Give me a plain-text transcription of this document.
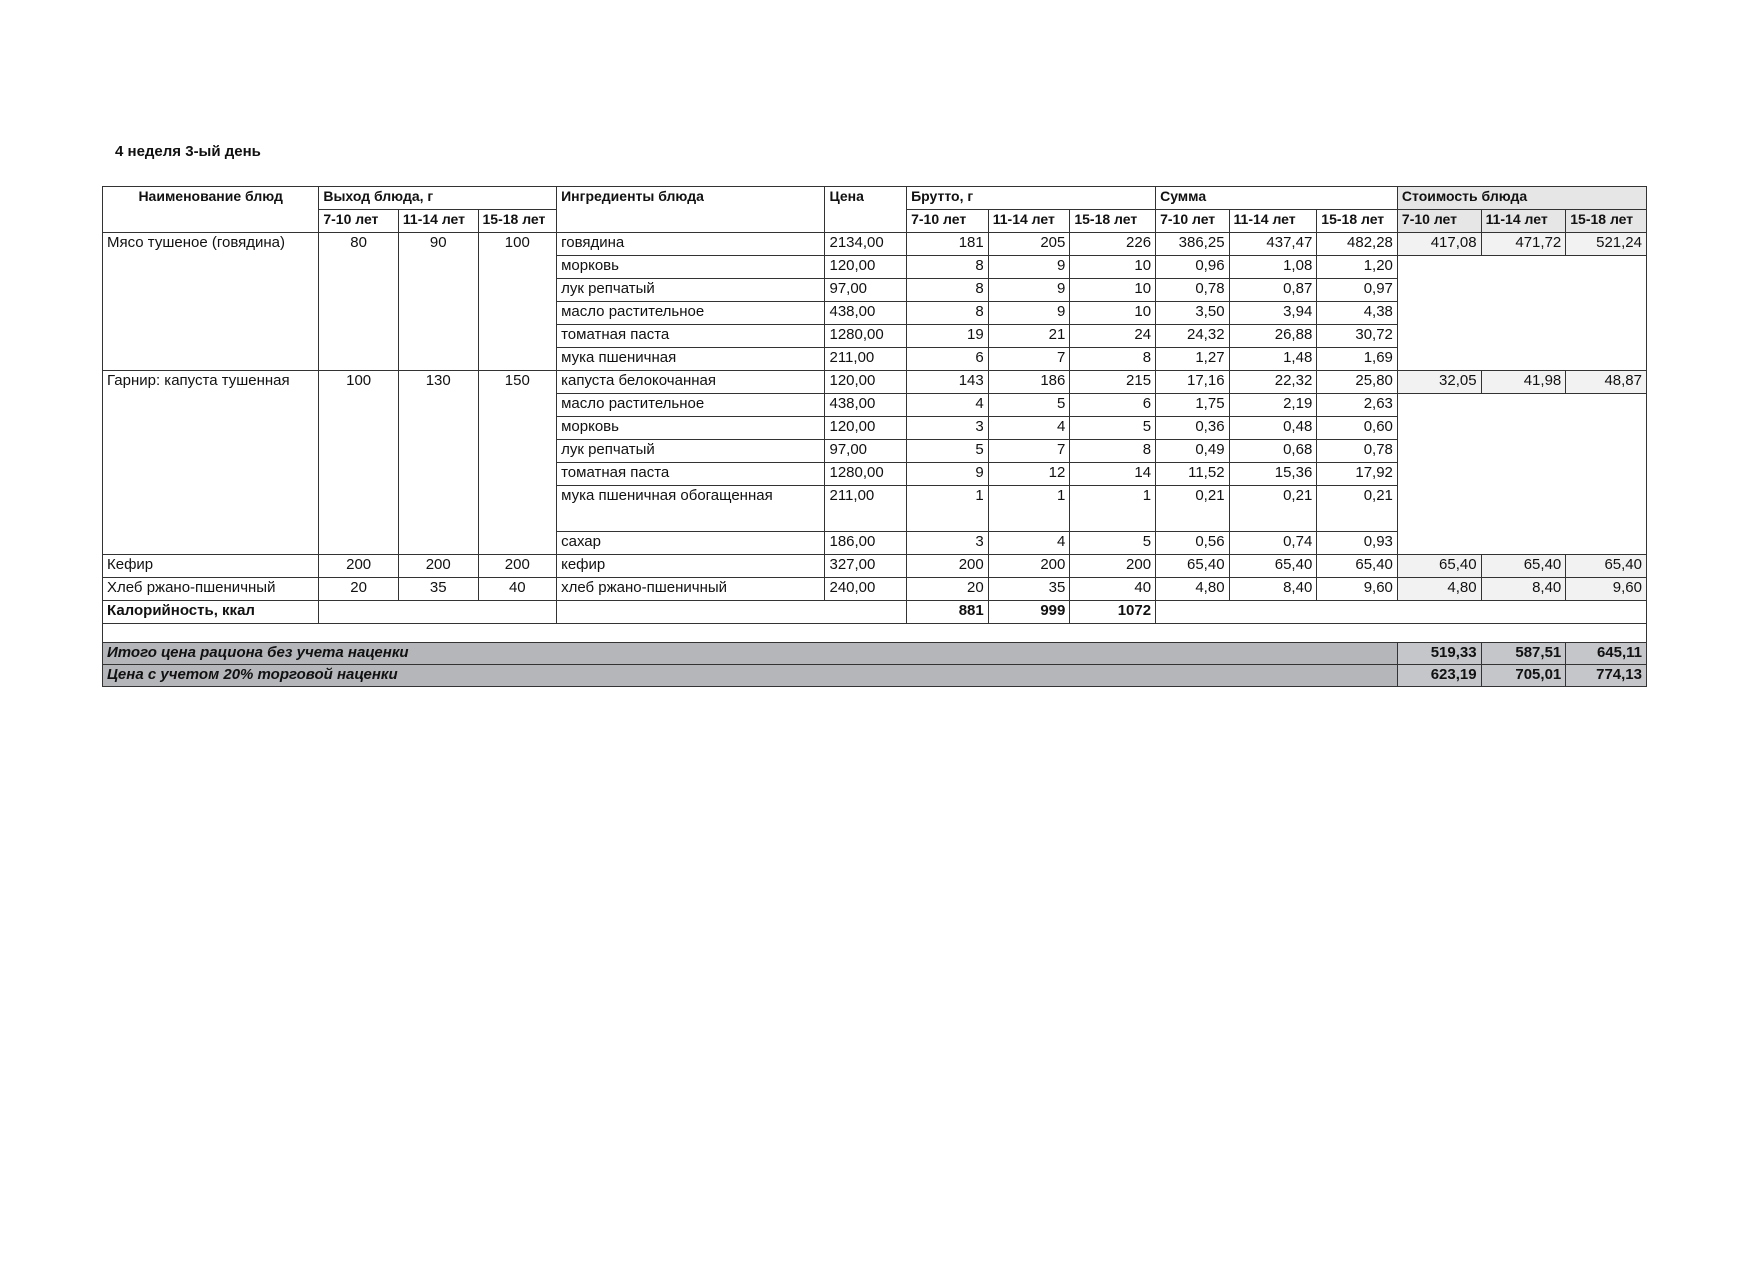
4 неделя 3-ый день
Наименование блюд	Выход блюда, г			Ингредиенты блюда	Цена	Брутто, г			Сумма			Стоимость блюда		
	7-10 лет	11-14 лет	15-18 лет			7-10 лет	11-14 лет	15-18 лет	7-10 лет	11-14 лет	15-18 лет	7-10 лет	11-14 лет	15-18 лет
Мясо тушеное (говядина)	80	90	100	говядина	2134,00	181	205	226	386,25	437,47	482,28	417,08	471,72	521,24
				морковь	120,00	8	9	10	0,96	1,08	1,20			
				лук репчатый	97,00	8	9	10	0,78	0,87	0,97			
				масло растительное	438,00	8	9	10	3,50	3,94	4,38			
				томатная паста	1280,00	19	21	24	24,32	26,88	30,72			
				мука пшеничная	211,00	6	7	8	1,27	1,48	1,69			
Гарнир: капуста тушенная	100	130	150	капуста белокочанная	120,00	143	186	215	17,16	22,32	25,80	32,05	41,98	48,87
				масло растительное	438,00	4	5	6	1,75	2,19	2,63			
				морковь	120,00	3	4	5	0,36	0,48	0,60			
				лук репчатый	97,00	5	7	8	0,49	0,68	0,78			
				томатная паста	1280,00	9	12	14	11,52	15,36	17,92			
				мука пшеничная обогащенная	211,00	1	1	1	0,21	0,21	0,21			
				сахар	186,00	3	4	5	0,56	0,74	0,93			
Кефир	200	200	200	кефир	327,00	200	200	200	65,40	65,40	65,40	65,40	65,40	65,40
Хлеб ржано-пшеничный	20	35	40	хлеб ржано-пшеничный	240,00	20	35	40	4,80	8,40	9,60	4,80	8,40	9,60
Калорийность, ккал						881	999	1072						

Итого цена рациона без учета наценки												519,33	587,51	645,11
Цена с учетом 20% торговой наценки												623,19	705,01	774,13
